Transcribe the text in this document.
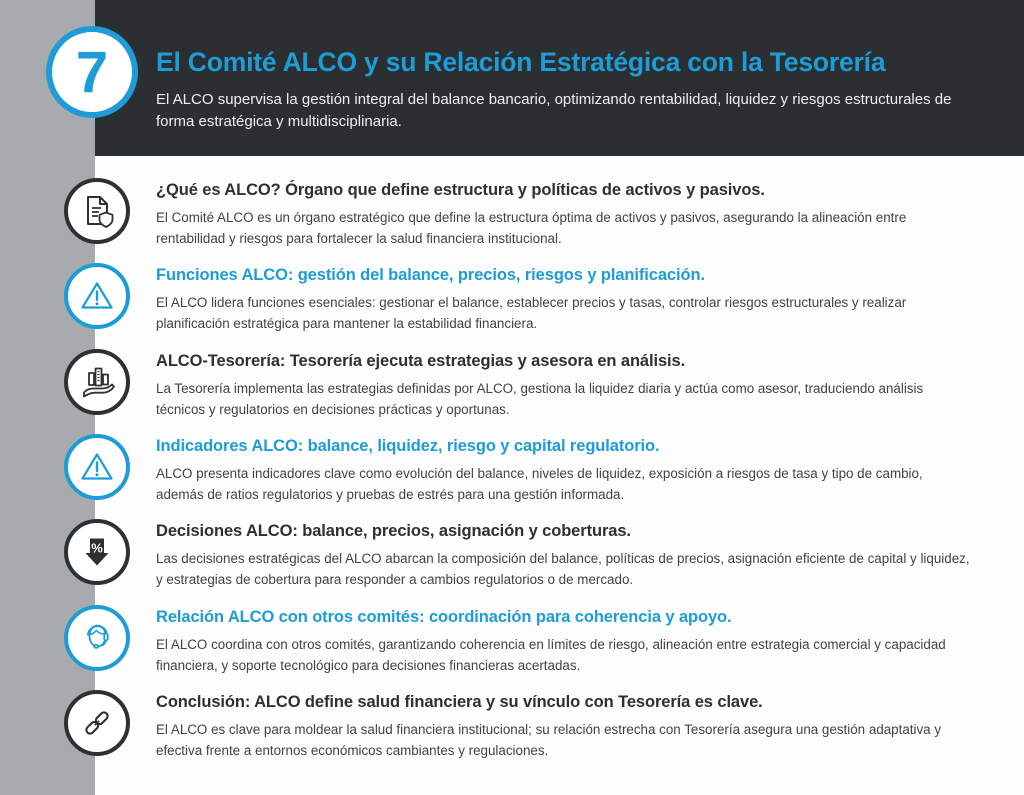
7 El Comité ALCO y su Relación Estratégica con la Tesorería
El ALCO supervisa la gestión integral del balance bancario, optimizando rentabilidad, liquidez y riesgos estructurales de forma estratégica y multidisciplinaria.
¿Qué es ALCO? Órgano que define estructura y políticas de activos y pasivos.

El Comité ALCO es un órgano estratégico que define la estructura óptima de activos y pasivos, asegurando la alineación entre rentabilidad y riesgos para fortalecer la salud financiera institucional.

Funciones ALCO: gestión del balance, precios, riesgos y planificación.

El ALCO lidera funciones esenciales: gestionar el balance, establecer precios y tasas, controlar riesgos estructurales y realizar planificación estratégica para mantener la estabilidad financiera.

ALCO-Tesorería: Tesorería ejecuta estrategias y asesora en análisis.

La Tesorería implementa las estrategias definidas por ALCO, gestiona la liquidez diaria y actúa como asesor, traduciendo análisis técnicos y regulatorios en decisiones prácticas y oportunas.

Indicadores ALCO: balance, liquidez, riesgo y capital regulatorio.

ALCO presenta indicadores clave como evolución del balance, niveles de liquidez, exposición a riesgos de tasa y tipo de cambio, además de ratios regulatorios y pruebas de estrés para una gestión informada.

%
Decisiones ALCO: balance, precios, asignación y coberturas.

Las decisiones estratégicas del ALCO abarcan la composición del balance, políticas de precios, asignación eficiente de capital y liquidez, y estrategias de cobertura para responder a cambios regulatorios o de mercado.

Relación ALCO con otros comités: coordinación para coherencia y apoyo.

El ALCO coordina con otros comités, garantizando coherencia en límites de riesgo, alineación entre estrategia comercial y capacidad financiera, y soporte tecnológico para decisiones financieras acertadas.

Conclusión: ALCO define salud financiera y su vínculo con Tesorería es clave.

El ALCO es clave para moldear la salud financiera institucional; su relación estrecha con Tesorería asegura una gestión adaptativa y efectiva frente a entornos económicos cambiantes y regulaciones.
